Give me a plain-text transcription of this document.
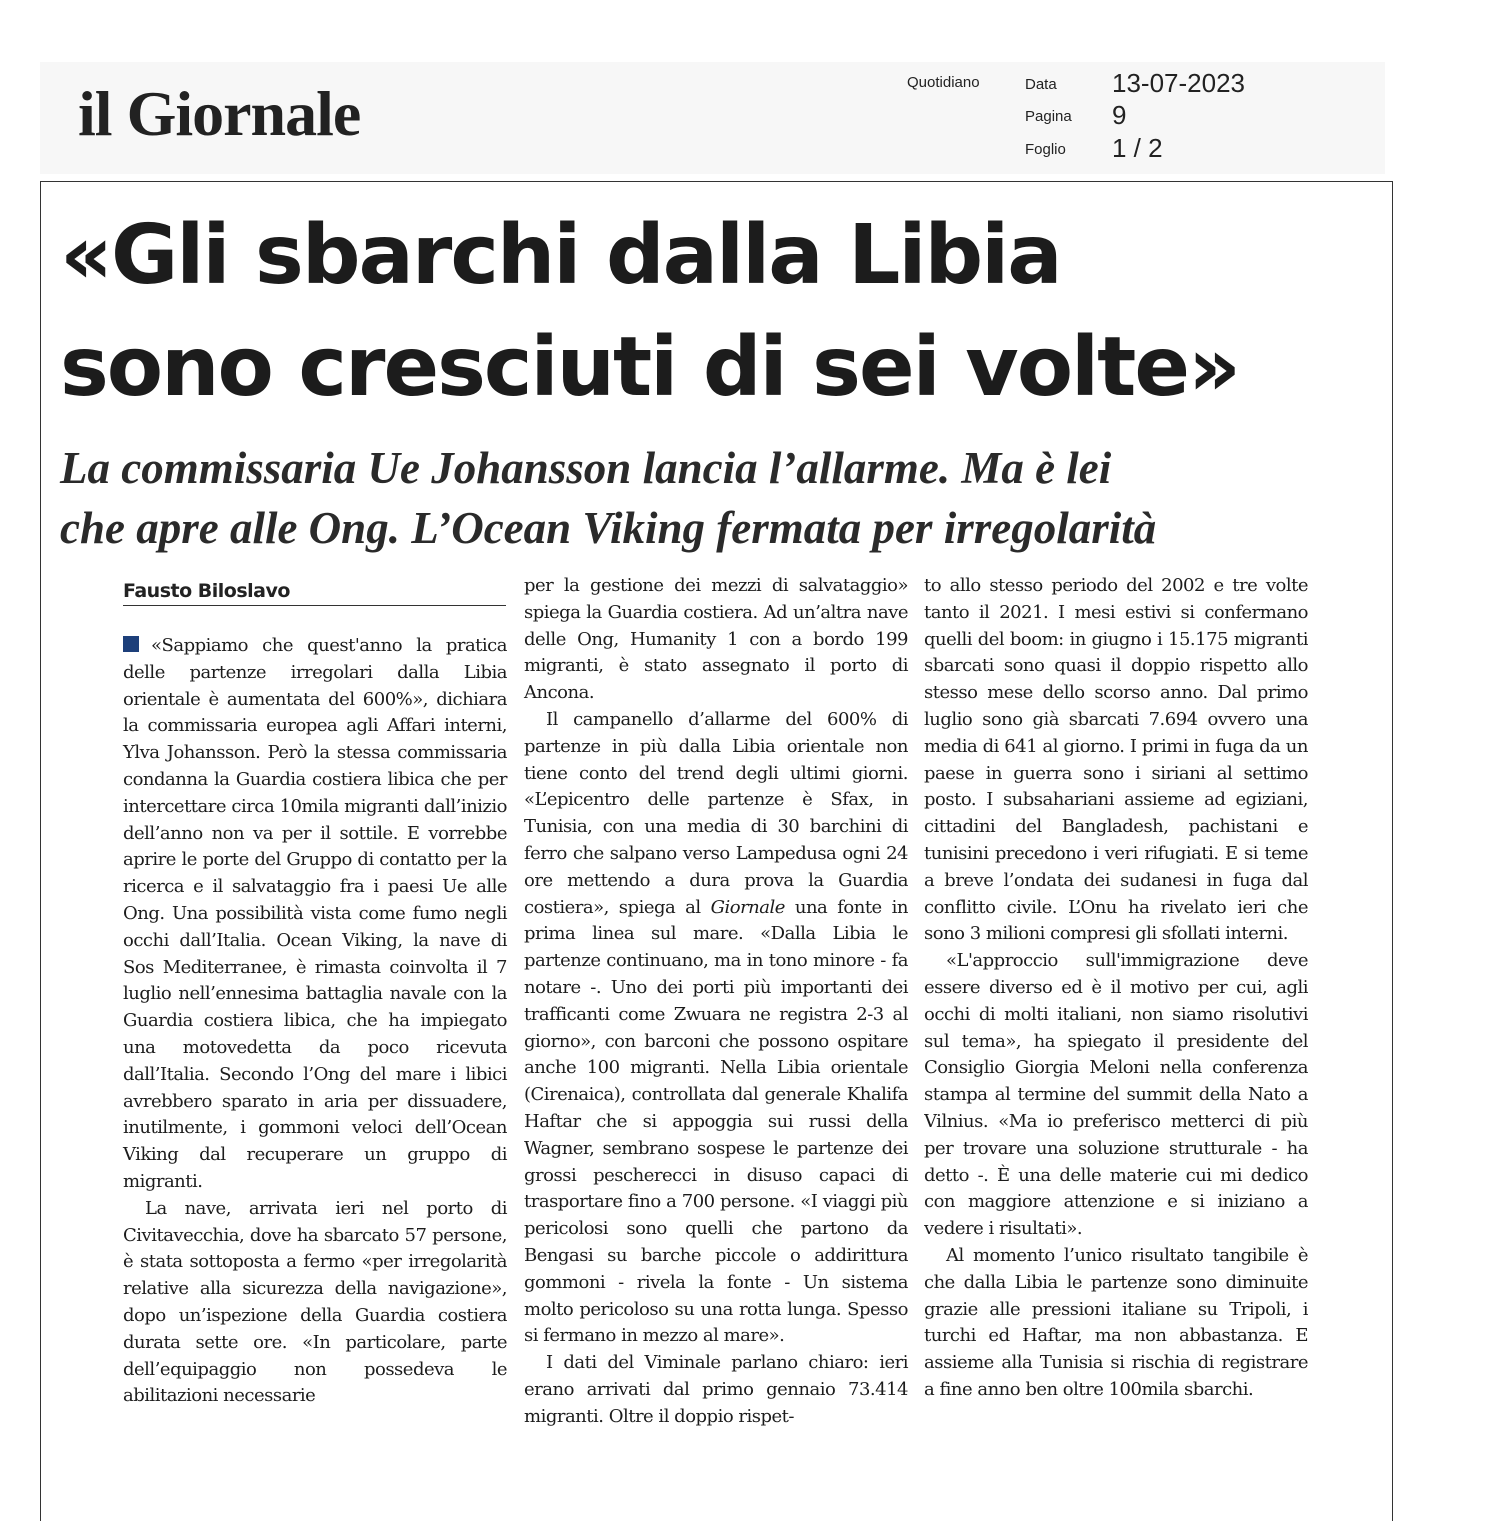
il Giornale	Quotidiano	Data 13-07-2023
Pagina 9
Foglio 1 / 2
«Gli sbarchi dalla Libia
sono cresciuti di sei volte»
La commissaria Ue Johansson lancia l’allarme. Ma è lei
che apre alle Ong. L’Ocean Viking fermata per irregolarità
Fausto Biloslavo

«Sappiamo che quest'anno la pratica delle partenze irregolari dalla Libia orientale è aumentata del 600%», dichiara la commissaria europea agli Affari interni, Ylva Johansson. Però la stessa commissaria condanna la Guardia costiera libica che per intercettare circa 10mila migranti dall’inizio dell’anno non va per il sottile. E vorrebbe aprire le porte del Gruppo di contatto per la ricerca e il salvataggio fra i paesi Ue alle Ong. Una possibilità vista come fumo negli occhi dall’Italia. Ocean Viking, la nave di Sos Mediterranee, è rimasta coinvolta il 7 luglio nell’ennesima battaglia navale con la Guardia costiera libica, che ha impiegato una motovedetta da poco ricevuta dall’Italia. Secondo l’Ong del mare i libici avrebbero sparato in aria per dissuadere, inutilmente, i gommoni veloci dell’Ocean Viking dal recuperare un gruppo di migranti.

La nave, arrivata ieri nel porto di Civitavecchia, dove ha sbarcato 57 persone, è stata sottoposta a fermo «per irregolarità relative alla sicurezza della navigazione», dopo un’ispezione della Guardia costiera durata sette ore. «In particolare, parte dell’equipaggio non possedeva le abilitazioni necessarie

per la gestione dei mezzi di salvataggio» spiega la Guardia costiera. Ad un’altra nave delle Ong, Humanity 1 con a bordo 199 migranti, è stato assegnato il porto di Ancona.

Il campanello d’allarme del 600% di partenze in più dalla Libia orientale non tiene conto del trend degli ultimi giorni. «L’epicentro delle partenze è Sfax, in Tunisia, con una media di 30 barchini di ferro che salpano verso Lampedusa ogni 24 ore mettendo a dura prova la Guardia costiera», spiega al Giornale una fonte in prima linea sul mare. «Dalla Libia le partenze continuano, ma in tono minore - fa notare -. Uno dei porti più importanti dei trafficanti come Zwuara ne registra 2-3 al giorno», con barconi che possono ospitare anche 100 migranti. Nella Libia orientale (Cirenaica), controllata dal generale Khalifa Haftar che si appoggia sui russi della Wagner, sembrano sospese le partenze dei grossi pescherecci in disuso capaci di trasportare fino a 700 persone. «I viaggi più pericolosi sono quelli che partono da Bengasi su barche piccole o addirittura gommoni - rivela la fonte - Un sistema molto pericoloso su una rotta lunga. Spesso si fermano in mezzo al mare».

I dati del Viminale parlano chiaro: ieri erano arrivati dal primo gennaio 73.414 migranti. Oltre il doppio rispet-

to allo stesso periodo del 2002 e tre volte tanto il 2021. I mesi estivi si confermano quelli del boom: in giugno i 15.175 migranti sbarcati sono quasi il doppio rispetto allo stesso mese dello scorso anno. Dal primo luglio sono già sbarcati 7.694 ovvero una media di 641 al giorno. I primi in fuga da un paese in guerra sono i siriani al settimo posto. I subsahariani assieme ad egiziani, cittadini del Bangladesh, pachistani e tunisini precedono i veri rifugiati. E si teme a breve l’ondata dei sudanesi in fuga dal conflitto civile. L’Onu ha rivelato ieri che sono 3 milioni compresi gli sfollati interni.

«L'approccio sull'immigrazione deve essere diverso ed è il motivo per cui, agli occhi di molti italiani, non siamo risolutivi sul tema», ha spiegato il presidente del Consiglio Giorgia Meloni nella conferenza stampa al termine del summit della Nato a Vilnius. «Ma io preferisco metterci di più per trovare una soluzione strutturale - ha detto -. È una delle materie cui mi dedico con maggiore attenzione e si iniziano a vedere i risultati».

Al momento l’unico risultato tangibile è che dalla Libia le partenze sono diminuite grazie alle pressioni italiane su Tripoli, i turchi ed Haftar, ma non abbastanza. E assieme alla Tunisia si rischia di registrare a fine anno ben oltre 100mila sbarchi.
